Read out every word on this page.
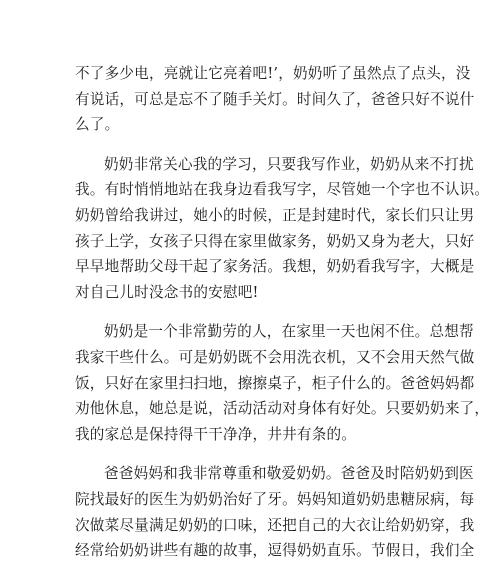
不了多少电，亮就让它亮着吧!’，奶奶听了虽然点了点头，没
有说话，可总是忘不了随手关灯。时间久了，爸爸只好不说什
么了。
奶奶非常关心我的学习，只要我写作业，奶奶从来不打扰
我。有时悄悄地站在我身边看我写字，尽管她一个字也不认识。
奶奶曾给我讲过，她小的时候，正是封建时代，家长们只让男
孩子上学，女孩子只得在家里做家务，奶奶又身为老大，只好
早早地帮助父母干起了家务活。我想，奶奶看我写字，大概是
对自己儿时没念书的安慰吧!
奶奶是一个非常勤劳的人，在家里一天也闲不住。总想帮
我家干些什么。可是奶奶既不会用洗衣机，又不会用天然气做
饭，只好在家里扫扫地，擦擦桌子，柜子什么的。爸爸妈妈都
劝他休息，她总是说，活动活动对身体有好处。只要奶奶来了，
我的家总是保持得干干净净，井井有条的。
爸爸妈妈和我非常尊重和敬爱奶奶。爸爸及时陪奶奶到医
院找最好的医生为奶奶治好了牙。妈妈知道奶奶患糖尿病，每
次做菜尽量满足奶奶的口味，还把自己的大衣让给奶奶穿，我
经常给奶奶讲些有趣的故事，逗得奶奶直乐。节假日，我们全
